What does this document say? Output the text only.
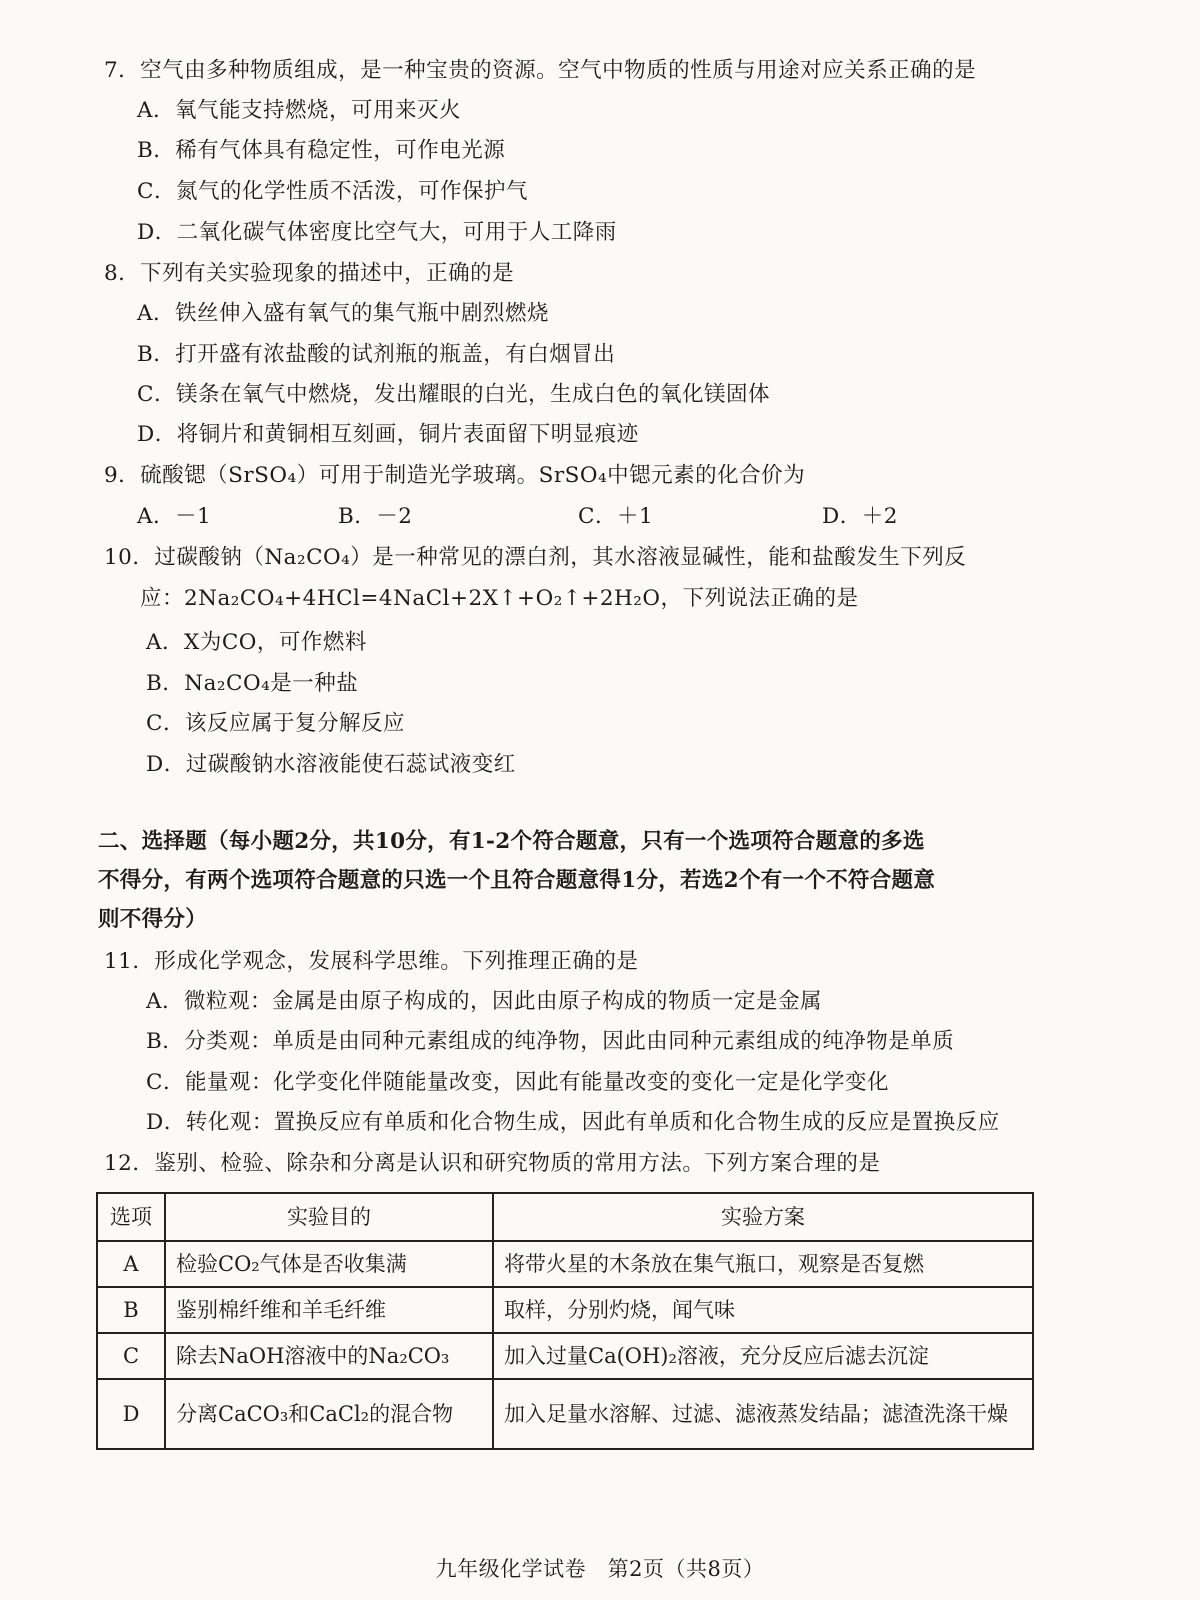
7．空气由多种物质组成，是一种宝贵的资源。空气中物质的性质与用途对应关系正确的是
A．氧气能支持燃烧，可用来灭火
B．稀有气体具有稳定性，可作电光源
C．氮气的化学性质不活泼，可作保护气
D．二氧化碳气体密度比空气大，可用于人工降雨
8．下列有关实验现象的描述中，正确的是
A．铁丝伸入盛有氧气的集气瓶中剧烈燃烧
B．打开盛有浓盐酸的试剂瓶的瓶盖，有白烟冒出
C．镁条在氧气中燃烧，发出耀眼的白光，生成白色的氧化镁固体
D．将铜片和黄铜相互刻画，铜片表面留下明显痕迹
9．硫酸锶（SrSO₄）可用于制造光学玻璃。SrSO₄中锶元素的化合价为
A．－1	B．－2	C．＋1	D．＋2
10．过碳酸钠（Na₂CO₄）是一种常见的漂白剂，其水溶液显碱性，能和盐酸发生下列反
应：2Na₂CO₄+4HCl=4NaCl+2X↑+O₂↑+2H₂O，下列说法正确的是
A．X为CO，可作燃料
B．Na₂CO₄是一种盐
C．该反应属于复分解反应
D．过碳酸钠水溶液能使石蕊试液变红
二、选择题（每小题2分，共10分，有1-2个符合题意，只有一个选项符合题意的多选
不得分，有两个选项符合题意的只选一个且符合题意得1分，若选2个有一个不符合题意
则不得分）
11．形成化学观念，发展科学思维。下列推理正确的是
A．微粒观：金属是由原子构成的，因此由原子构成的物质一定是金属
B．分类观：单质是由同种元素组成的纯净物，因此由同种元素组成的纯净物是单质
C．能量观：化学变化伴随能量改变，因此有能量改变的变化一定是化学变化
D．转化观：置换反应有单质和化合物生成，因此有单质和化合物生成的反应是置换反应
12．鉴别、检验、除杂和分离是认识和研究物质的常用方法。下列方案合理的是
选项	实验目的	实验方案
A	检验CO₂气体是否收集满	将带火星的木条放在集气瓶口，观察是否复燃
B	鉴别棉纤维和羊毛纤维	取样，分别灼烧，闻气味
C	除去NaOH溶液中的Na₂CO₃	加入过量Ca(OH)₂溶液，充分反应后滤去沉淀
D	分离CaCO₃和CaCl₂的混合物	加入足量水溶解、过滤、滤液蒸发结晶；滤渣洗涤干燥
九年级化学试卷　第2页（共8页）
